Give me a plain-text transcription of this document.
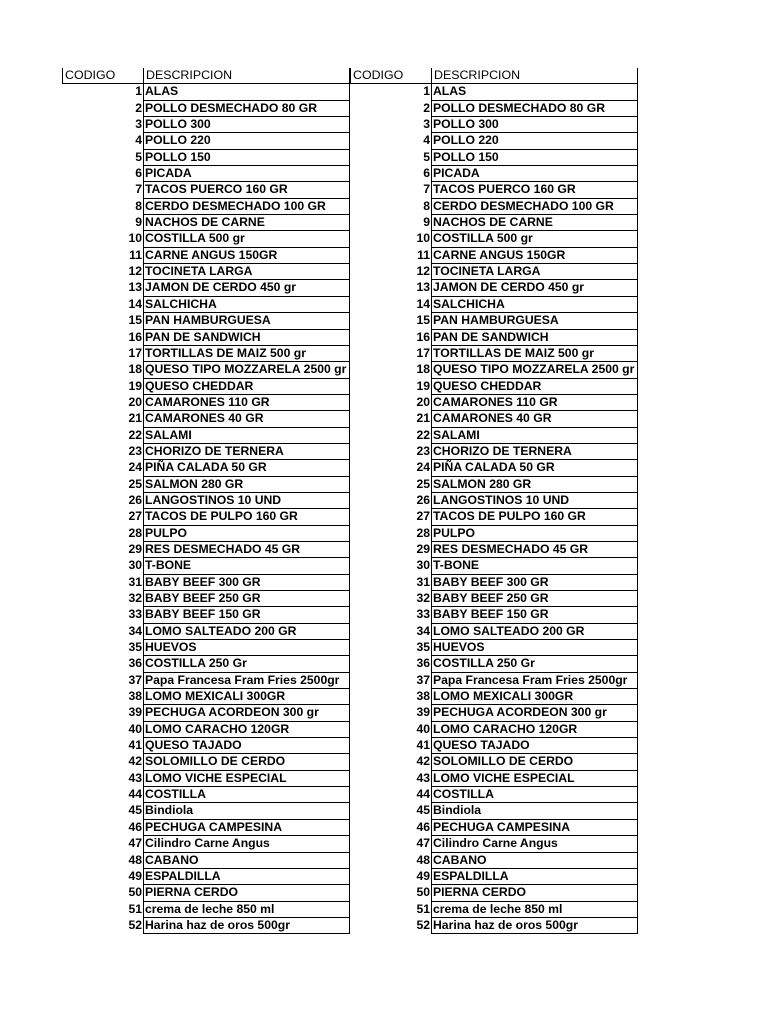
CODIGO	DESCRIPCION
1 ALAS
2 POLLO DESMECHADO 80 GR
3 POLLO 300
4 POLLO 220
5 POLLO 150
6 PICADA
7 TACOS PUERCO 160 GR
8 CERDO DESMECHADO 100 GR
9 NACHOS DE CARNE
10 COSTILLA 500 gr
11 CARNE ANGUS 150GR
12 TOCINETA LARGA
13 JAMON DE CERDO 450 gr
14 SALCHICHA
15 PAN HAMBURGUESA
16 PAN DE SANDWICH
17 TORTILLAS DE MAIZ 500 gr
18 QUESO TIPO MOZZARELA 2500 gr
19 QUESO CHEDDAR
20 CAMARONES 110 GR
21 CAMARONES 40 GR
22 SALAMI
23 CHORIZO DE TERNERA
24 PIÑA CALADA 50 GR
25 SALMON 280 GR
26 LANGOSTINOS 10 UND
27 TACOS DE PULPO 160 GR
28 PULPO
29 RES DESMECHADO 45 GR
30 T-BONE
31 BABY BEEF 300 GR
32 BABY BEEF 250 GR
33 BABY BEEF 150 GR
34 LOMO SALTEADO 200 GR
35 HUEVOS
36 COSTILLA 250 Gr
37 Papa Francesa Fram Fries 2500gr
38 LOMO MEXICALI 300GR
39 PECHUGA ACORDEON 300 gr
40 LOMO CARACHO 120GR
41 QUESO TAJADO
42 SOLOMILLO DE CERDO
43 LOMO VICHE ESPECIAL
44 COSTILLA
45 Bindiola
46 PECHUGA CAMPESINA
47 Cilindro Carne Angus
48 CABANO
49 ESPALDILLA
50 PIERNA CERDO
51 crema de leche 850 ml
52 Harina haz de oros 500gr
CODIGO	DESCRIPCION
1 ALAS
2 POLLO DESMECHADO 80 GR
3 POLLO 300
4 POLLO 220
5 POLLO 150
6 PICADA
7 TACOS PUERCO 160 GR
8 CERDO DESMECHADO 100 GR
9 NACHOS DE CARNE
10 COSTILLA 500 gr
11 CARNE ANGUS 150GR
12 TOCINETA LARGA
13 JAMON DE CERDO 450 gr
14 SALCHICHA
15 PAN HAMBURGUESA
16 PAN DE SANDWICH
17 TORTILLAS DE MAIZ 500 gr
18 QUESO TIPO MOZZARELA 2500 gr
19 QUESO CHEDDAR
20 CAMARONES 110 GR
21 CAMARONES 40 GR
22 SALAMI
23 CHORIZO DE TERNERA
24 PIÑA CALADA 50 GR
25 SALMON 280 GR
26 LANGOSTINOS 10 UND
27 TACOS DE PULPO 160 GR
28 PULPO
29 RES DESMECHADO 45 GR
30 T-BONE
31 BABY BEEF 300 GR
32 BABY BEEF 250 GR
33 BABY BEEF 150 GR
34 LOMO SALTEADO 200 GR
35 HUEVOS
36 COSTILLA 250 Gr
37 Papa Francesa Fram Fries 2500gr
38 LOMO MEXICALI 300GR
39 PECHUGA ACORDEON 300 gr
40 LOMO CARACHO 120GR
41 QUESO TAJADO
42 SOLOMILLO DE CERDO
43 LOMO VICHE ESPECIAL
44 COSTILLA
45 Bindiola
46 PECHUGA CAMPESINA
47 Cilindro Carne Angus
48 CABANO
49 ESPALDILLA
50 PIERNA CERDO
51 crema de leche 850 ml
52 Harina haz de oros 500gr
